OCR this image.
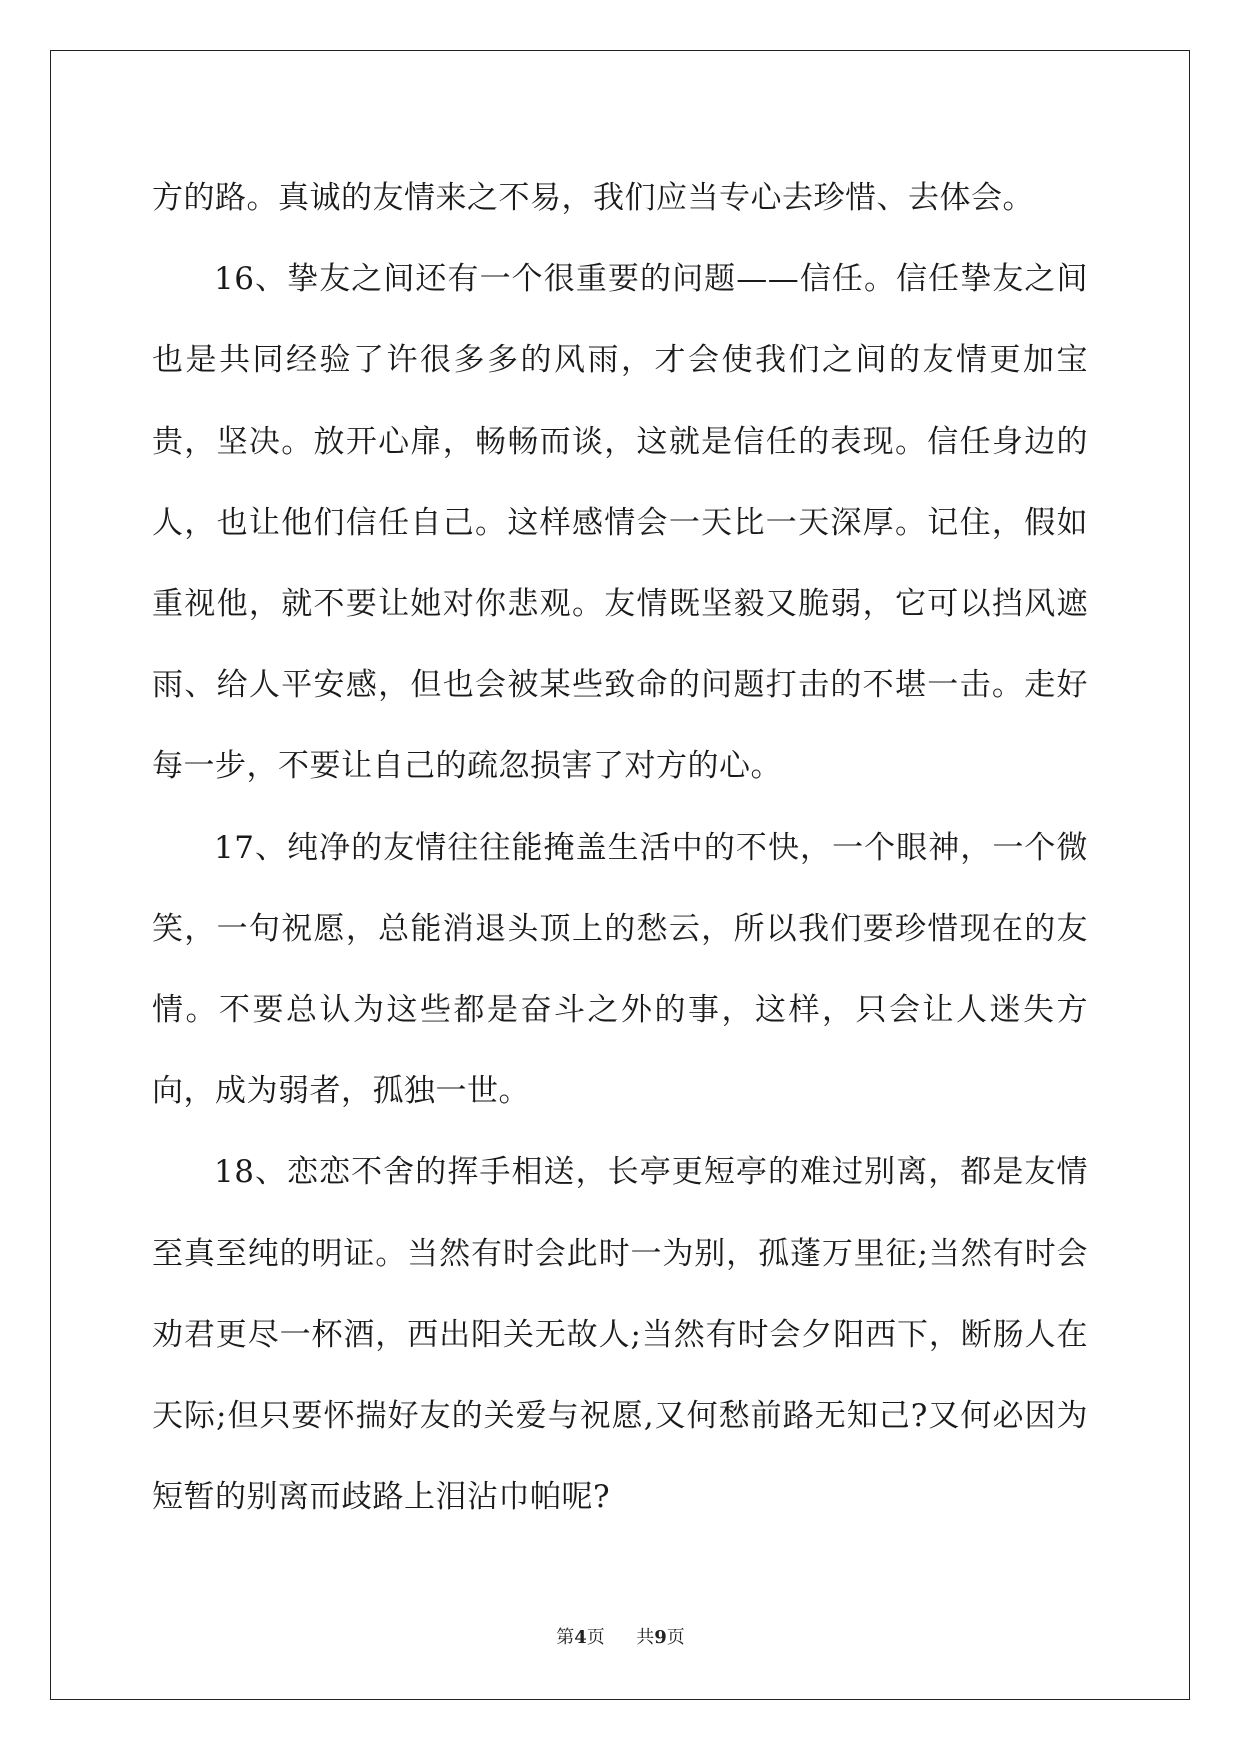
方的路。真诚的友情来之不易，我们应当专心去珍惜、去体会。

16、挚友之间还有一个很重要的问题——信任。信任挚友之间也是共同经验了许很多多的风雨，才会使我们之间的友情更加宝贵，坚决。放开心扉，畅畅而谈，这就是信任的表现。信任身边的人，也让他们信任自己。这样感情会一天比一天深厚。记住，假如重视他，就不要让她对你悲观。友情既坚毅又脆弱，它可以挡风遮雨、给人平安感，但也会被某些致命的问题打击的不堪一击。走好每一步，不要让自己的疏忽损害了对方的心。

17、纯净的友情往往能掩盖生活中的不快，一个眼神，一个微笑，一句祝愿，总能消退头顶上的愁云，所以我们要珍惜现在的友情。不要总认为这些都是奋斗之外的事，这样，只会让人迷失方向，成为弱者，孤独一世。

18、恋恋不舍的挥手相送，长亭更短亭的难过别离，都是友情至真至纯的明证。当然有时会此时一为别，孤蓬万里征;当然有时会劝君更尽一杯酒，西出阳关无故人;当然有时会夕阳西下，断肠人在天际;但只要怀揣好友的关爱与祝愿,又何愁前路无知己?又何必因为短暂的别离而歧路上泪沾巾帕呢?

第4页 共9页
